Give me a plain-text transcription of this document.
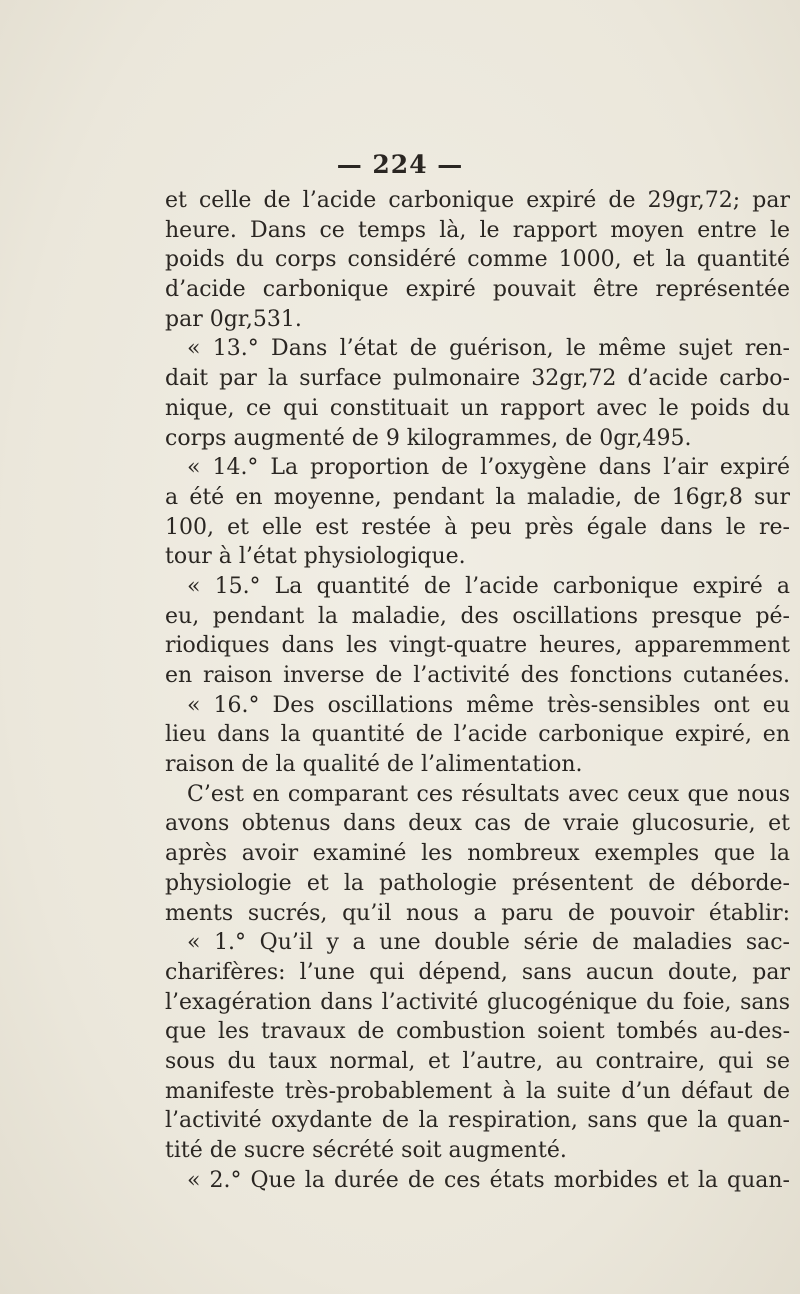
— 224 —
et celle de l’acide carbonique expiré de 29gr,72; par
heure. Dans ce temps là, le rapport moyen entre le
poids du corps considéré comme 1000, et la quantité
d’acide carbonique expiré pouvait être représentée
par 0gr,531.
« 13.° Dans l’état de guérison, le même sujet ren-
dait par la surface pulmonaire 32gr,72 d’acide carbo-
nique, ce qui constituait un rapport avec le poids du
corps augmenté de 9 kilogrammes, de 0gr,495.
« 14.° La proportion de l’oxygène dans l’air expiré
a été en moyenne, pendant la maladie, de 16gr,8 sur
100, et elle est restée à peu près égale dans le re-
tour à l’état physiologique.
« 15.° La quantité de l’acide carbonique expiré a
eu, pendant la maladie, des oscillations presque pé-
riodiques dans les vingt-quatre heures, apparemment
en raison inverse de l’activité des fonctions cutanées.
« 16.° Des oscillations même très-sensibles ont eu
lieu dans la quantité de l’acide carbonique expiré, en
raison de la qualité de l’alimentation.
C’est en comparant ces résultats avec ceux que nous
avons obtenus dans deux cas de vraie glucosurie, et
après avoir examiné les nombreux exemples que la
physiologie et la pathologie présentent de déborde-
ments sucrés, qu’il nous a paru de pouvoir établir:
« 1.° Qu’il y a une double série de maladies sac-
charifères: l’une qui dépend, sans aucun doute, par
l’exagération dans l’activité glucogénique du foie, sans
que les travaux de combustion soient tombés au-des-
sous du taux normal, et l’autre, au contraire, qui se
manifeste très-probablement à la suite d’un défaut de
l’activité oxydante de la respiration, sans que la quan-
tité de sucre sécrété soit augmenté.
« 2.° Que la durée de ces états morbides et la quan-
